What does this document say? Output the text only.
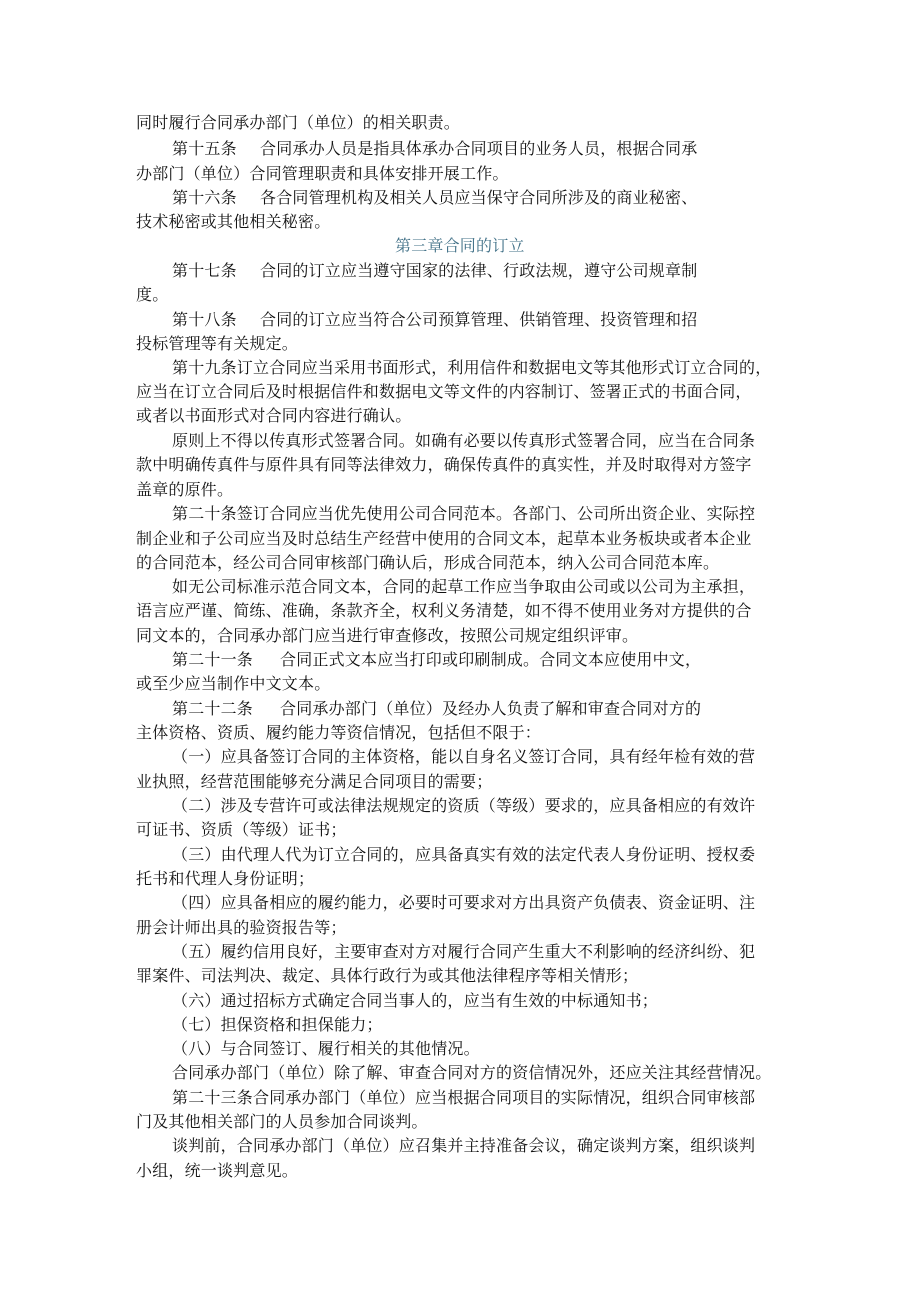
同时履行合同承办部门（单位）的相关职责。
第十五条 合同承办人员是指具体承办合同项目的业务人员，根据合同承
办部门（单位）合同管理职责和具体安排开展工作。
第十六条 各合同管理机构及相关人员应当保守合同所涉及的商业秘密、
技术秘密或其他相关秘密。
第三章合同的订立
第十七条 合同的订立应当遵守国家的法律、行政法规，遵守公司规章制
度。
第十八条 合同的订立应当符合公司预算管理、供销管理、投资管理和招
投标管理等有关规定。
第十九条订立合同应当采用书面形式，利用信件和数据电文等其他形式订立合同的，
应当在订立合同后及时根据信件和数据电文等文件的内容制订、签署正式的书面合同，
或者以书面形式对合同内容进行确认。
原则上不得以传真形式签署合同。如确有必要以传真形式签署合同，应当在合同条
款中明确传真件与原件具有同等法律效力，确保传真件的真实性，并及时取得对方签字
盖章的原件。
第二十条签订合同应当优先使用公司合同范本。各部门、公司所出资企业、实际控
制企业和子公司应当及时总结生产经营中使用的合同文本，起草本业务板块或者本企业
的合同范本，经公司合同审核部门确认后，形成合同范本，纳入公司合同范本库。
如无公司标准示范合同文本，合同的起草工作应当争取由公司或以公司为主承担，
语言应严谨、简练、准确，条款齐全，权利义务清楚，如不得不使用业务对方提供的合
同文本的，合同承办部门应当进行审查修改，按照公司规定组织评审。
第二十一条 合同正式文本应当打印或印刷制成。合同文本应使用中文，
或至少应当制作中文文本。
第二十二条 合同承办部门（单位）及经办人负责了解和审查合同对方的
主体资格、资质、履约能力等资信情况，包括但不限于：
（一）应具备签订合同的主体资格，能以自身名义签订合同，具有经年检有效的营
业执照，经营范围能够充分满足合同项目的需要；
（二）涉及专营许可或法律法规规定的资质（等级）要求的，应具备相应的有效许
可证书、资质（等级）证书；
（三）由代理人代为订立合同的，应具备真实有效的法定代表人身份证明、授权委
托书和代理人身份证明；
（四）应具备相应的履约能力，必要时可要求对方出具资产负债表、资金证明、注
册会计师出具的验资报告等；
（五）履约信用良好，主要审查对方对履行合同产生重大不利影响的经济纠纷、犯
罪案件、司法判决、裁定、具体行政行为或其他法律程序等相关情形；
（六）通过招标方式确定合同当事人的，应当有生效的中标通知书；
（七）担保资格和担保能力；
（八）与合同签订、履行相关的其他情况。
合同承办部门（单位）除了解、审查合同对方的资信情况外，还应关注其经营情况。
第二十三条合同承办部门（单位）应当根据合同项目的实际情况，组织合同审核部
门及其他相关部门的人员参加合同谈判。
谈判前，合同承办部门（单位）应召集并主持准备会议，确定谈判方案，组织谈判
小组，统一谈判意见。
